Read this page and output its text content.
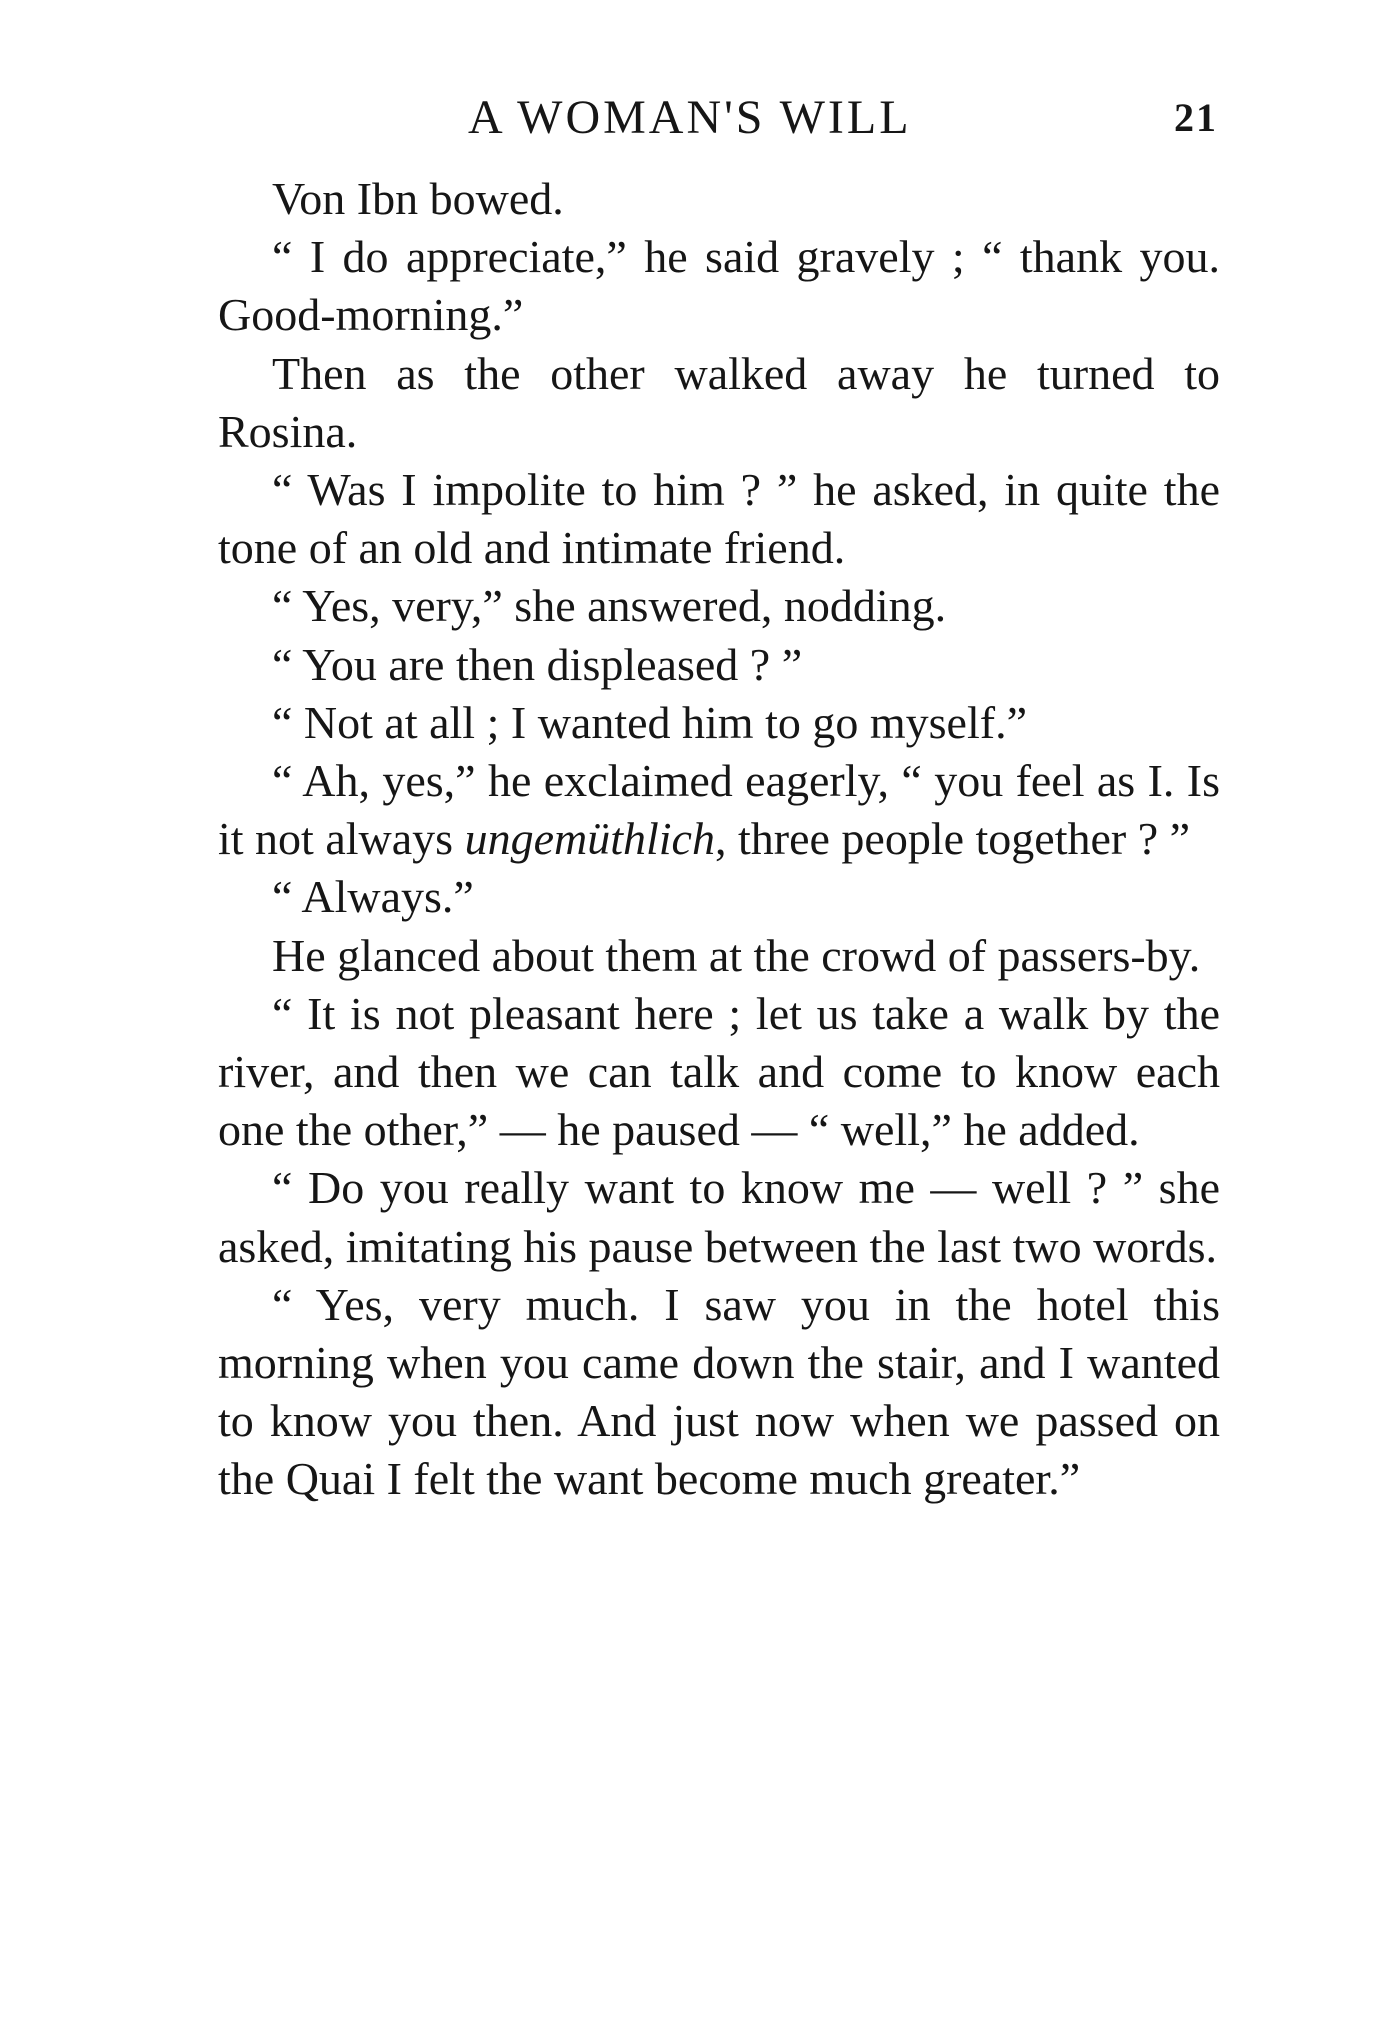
A WOMAN'S WILL	21

Von Ibn bowed.

“ I do appreciate,” he said gravely ; “ thank you. Good-morning.”

Then as the other walked away he turned to Rosina.

“ Was I impolite to him ? ” he asked, in quite the tone of an old and intimate friend.

“ Yes, very,” she answered, nodding.

“ You are then displeased ? ”

“ Not at all ; I wanted him to go myself.”

“ Ah, yes,” he exclaimed eagerly, “ you feel as I. Is it not always ungemüthlich, three people together ? ”

“ Always.”

He glanced about them at the crowd of passers-by.

“ It is not pleasant here ; let us take a walk by the river, and then we can talk and come to know each one the other,” — he paused — “ well,” he added.

“ Do you really want to know me — well ? ” she asked, imitating his pause between the last two words.

“ Yes, very much. I saw you in the hotel this morning when you came down the stair, and I wanted to know you then. And just now when we passed on the Quai I felt the want become much greater.”
